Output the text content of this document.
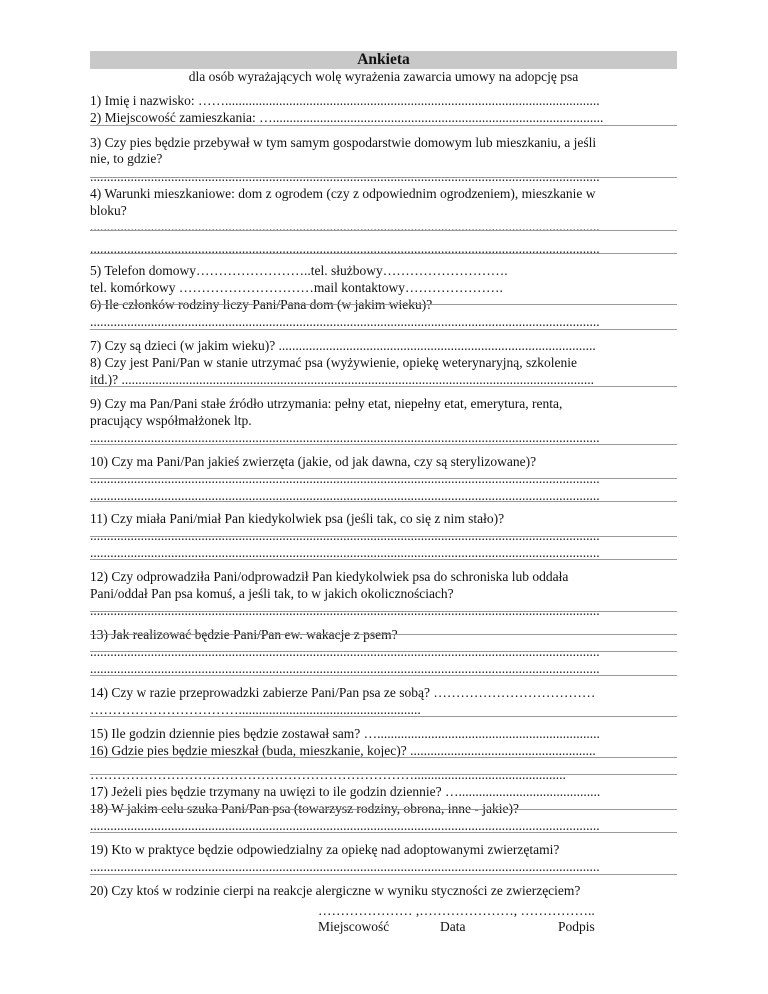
Ankieta
dla osób wyrażających wolę wyrażenia zawarcia umowy na adopcję psa
1) Imię i nazwisko: ……...............................................................................................................
2) Miejscowość zamieszkania: …..................................................................................................
3) Czy pies będzie przebywał w tym samym gospodarstwie domowym lub mieszkaniu, a jeśli
nie, to gdzie?
.......................................................................................................................................................
4) Warunki mieszkaniowe: dom z ogrodem (czy z odpowiednim ogrodzeniem), mieszkanie w
bloku?
.......................................................................................................................................................
.......................................................................................................................................................
5) Telefon domowy……………………..tel. służbowy……………………….
tel. komórkowy …………………………mail kontaktowy………………….
6) Ile członków rodziny liczy Pani/Pana dom (w jakim wieku)?
.......................................................................................................................................................
7) Czy są dzieci (w jakim wieku)? ..............................................................................................
8) Czy jest Pani/Pan w stanie utrzymać psa (wyżywienie, opiekę weterynaryjną, szkolenie
itd.)? ............................................................................................................................................
9) Czy ma Pan/Pani stałe źródło utrzymania: pełny etat, niepełny etat, emerytura, renta,
pracujący współmałżonek ltp.
.......................................................................................................................................................
10) Czy ma Pani/Pan jakieś zwierzęta (jakie, od jak dawna, czy są sterylizowane)?
.......................................................................................................................................................
.......................................................................................................................................................
11) Czy miała Pani/miał Pan kiedykolwiek psa (jeśli tak, co się z nim stało)?
.......................................................................................................................................................
.......................................................................................................................................................
12) Czy odprowadziła Pani/odprowadził Pan kiedykolwiek psa do schroniska lub oddała
Pani/oddał Pan psa komuś, a jeśli tak, to w jakich okolicznościach?
.......................................................................................................................................................
13) Jak realizować będzie Pani/Pan ew. wakacje z psem?
.......................................................................................................................................................
.......................................................................................................................................................
14) Czy w razie przeprowadzki zabierze Pani/Pan psa ze sobą? ………………………………
……………………………......................................................
15) Ile godzin dziennie pies będzie zostawał sam? …..................................................................
16) Gdzie pies będzie mieszkał (buda, mieszkanie, kojec)? .......................................................
……………………………………………………………….............................................
17) Jeżeli pies będzie trzymany na uwięzi to ile godzin dziennie? …..........................................
18) W jakim celu szuka Pani/Pan psa (towarzysz rodziny, obrona, inne - jakie)?
.......................................................................................................................................................
19) Kto w praktyce będzie odpowiedzialny za opiekę nad adoptowanymi zwierzętami?
.......................................................................................................................................................
20) Czy ktoś w rodzinie cierpi na reakcje alergiczne w wyniku styczności ze zwierzęciem?
………………… ,…………………, ……………..
Miejscowość	Data	Podpis
